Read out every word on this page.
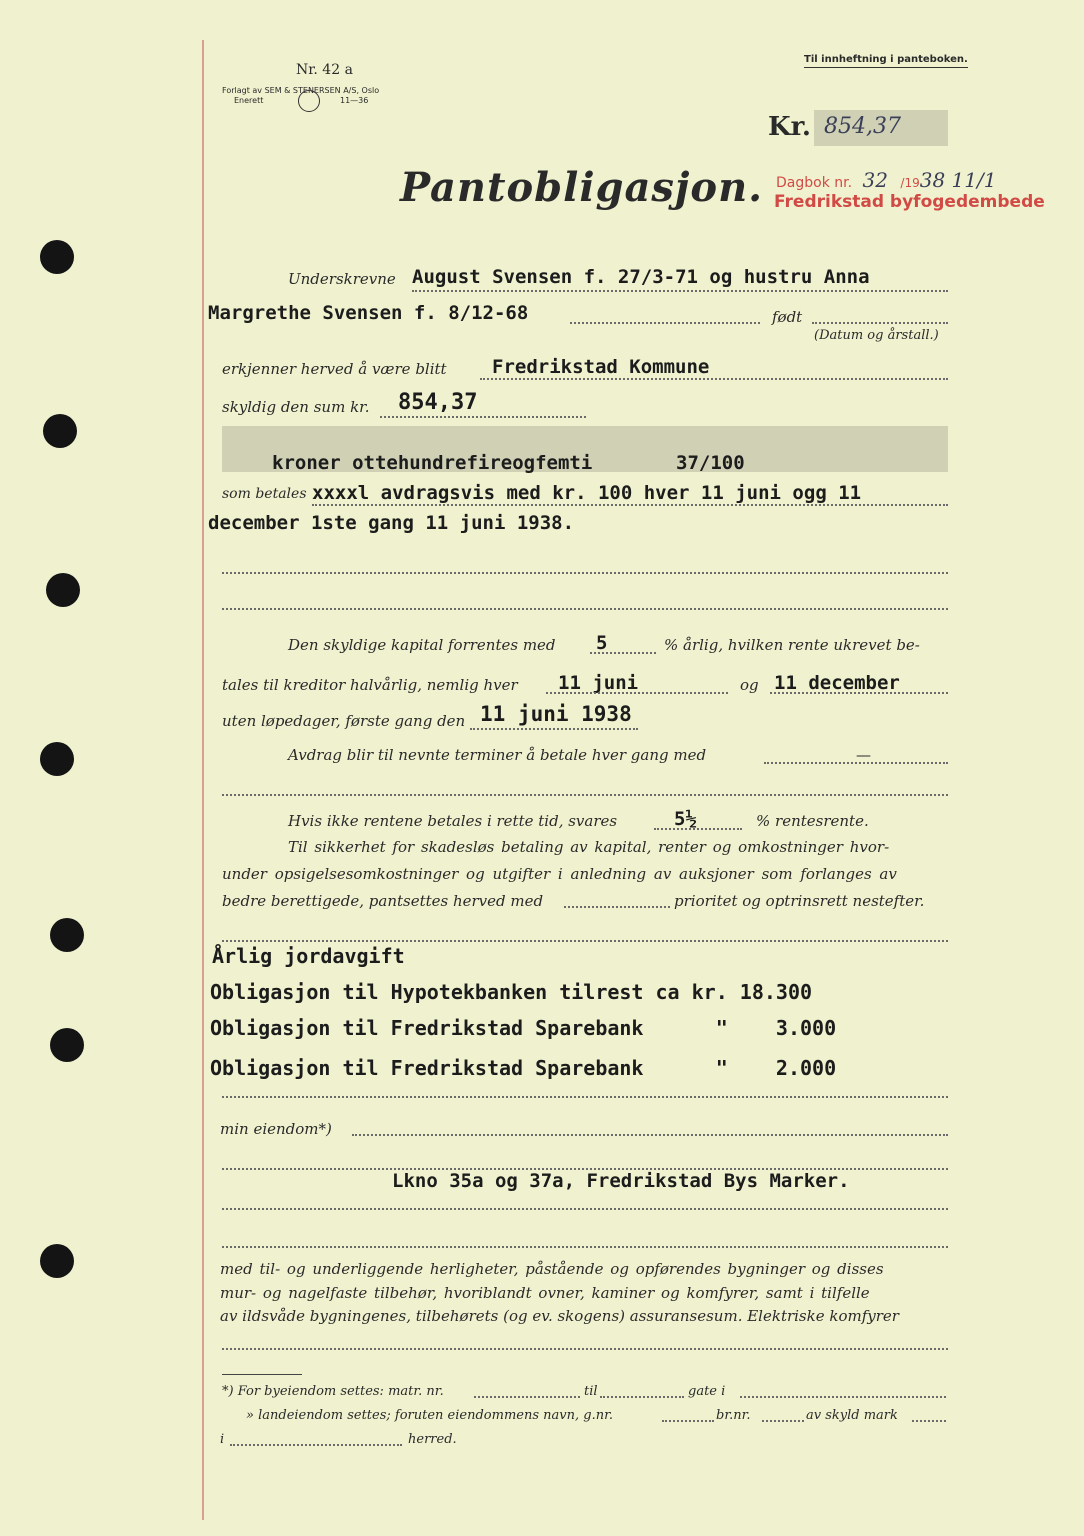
Nr. 42 a
Forlagt av SEM & STENERSEN A/S, Oslo
Enerett	11—36
Til innheftning i panteboken.
Kr. 854,37
Pantobligasjon. Dagbok nr. 32 /1938 11/1
Fredrikstad byfogedembede
Underskrevne August Svensen f. 27/3-71 og hustru Anna
Margrethe Svensen f. 8/12-68	født
(Datum og årstall.)
erkjenner herved å være blitt Fredrikstad Kommune
skyldig den sum kr. 854,37
kroner ottehundrefireogfemti	37/100
som betales xxxxl avdragsvis med kr. 100 hver 11 juni ogg 11
december 1ste gang 11 juni 1938.
Den skyldige kapital forrentes med 5	% årlig, hvilken rente ukrevet be-
tales til kreditor halvårlig, nemlig hver 11 juni	og 11 december
uten løpedager, første gang den 11 juni 1938
Avdrag blir til nevnte terminer å betale hver gang med	—
Hvis ikke rentene betales i rette tid, svares	5½	% rentesrente.
Til sikkerhet for skadesløs betaling av kapital, renter og omkostninger hvor-
under opsigelsesomkostninger og utgifter i anledning av auksjoner som forlanges av
bedre berettigede, pantsettes herved med	prioritet og optrinsrett nestefter.
Årlig jordavgift
Obligasjon til Hypotekbanken tilrest ca kr. 18.300
Obligasjon til Fredrikstad Sparebank      "    3.000
Obligasjon til Fredrikstad Sparebank      "    2.000
min eiendom*)
Lkno 35a og 37a, Fredrikstad Bys Marker.
med til- og underliggende herligheter, påstående og opførendes bygninger og disses
mur- og nagelfaste tilbehør, hvoriblandt ovner, kaminer og komfyrer, samt i tilfelle
av ildsvåde bygningenes, tilbehørets (og ev. skogens) assuransesum. Elektriske komfyrer
*) For byeiendom settes: matr. nr.	til	gate i
» landeiendom settes; foruten eiendommens navn, g.nr.	br.nr.	av skyld mark
i	herred.
